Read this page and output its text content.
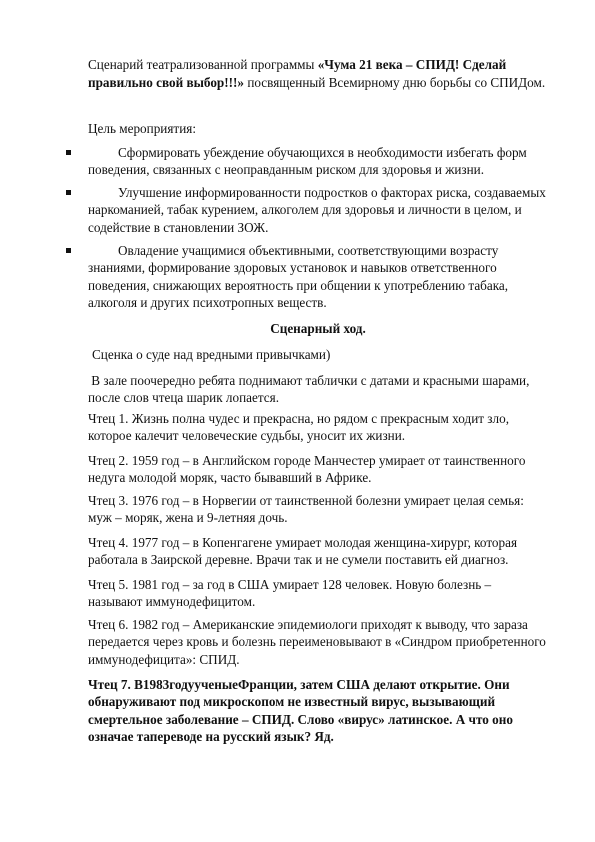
Сценарий театрализованной программы «Чума 21 века – СПИД! Сделай правильно свой выбор!!!» посвященный Всемирному дню борьбы со СПИДом.

Цель мероприятия:

Сформировать убеждение обучающихся в необходимости избегать форм поведения, связанных с неоправданным риском для здоровья и жизни.

Улучшение информированности подростков о факторах риска, создаваемых наркоманией, табак курением, алкоголем для здоровья и личности в целом, и содействие в становлении ЗОЖ.

Овладение учащимися объективными, соответствующими возрасту знаниями, формирование здоровых установок и навыков ответственного поведения, снижающих вероятность при общении к употреблению табака, алкоголя и других психотропных веществ.

Сценарный ход.

Сценка о суде над вредными привычками)

В зале поочередно ребята поднимают таблички с датами и красными шарами, после слов чтеца шарик лопается.

Чтец 1. Жизнь полна чудес и прекрасна, но рядом с прекрасным ходит зло, которое калечит человеческие судьбы, уносит их жизни.

Чтец 2. 1959 год – в Английском городе Манчестер умирает от таинственного недуга молодой моряк, часто бывавший в Африке.

Чтец 3. 1976 год – в Норвегии от таинственной болезни умирает целая семья: муж – моряк, жена и 9-летняя дочь.

Чтец 4. 1977 год – в Копенгагене умирает молодая женщина-хирург, которая работала в Заирской деревне. Врачи так и не сумели поставить ей диагноз.

Чтец 5. 1981 год – за год в США умирает 128 человек. Новую болезнь – называют иммунодефицитом.

Чтец 6. 1982 год – Американские эпидемиологи приходят к выводу, что зараза передается через кровь и болезнь переименовывают в «Синдром приобретенного иммунодефицита»: СПИД.

Чтец 7. В1983годуученыеФранции, затем США делают открытие. Они обнаруживают под микроскопом не известный вирус, вызывающий смертельное заболевание – СПИД. Слово «вирус» латинское. А что оно означае тапереводе на русский язык? Яд.
